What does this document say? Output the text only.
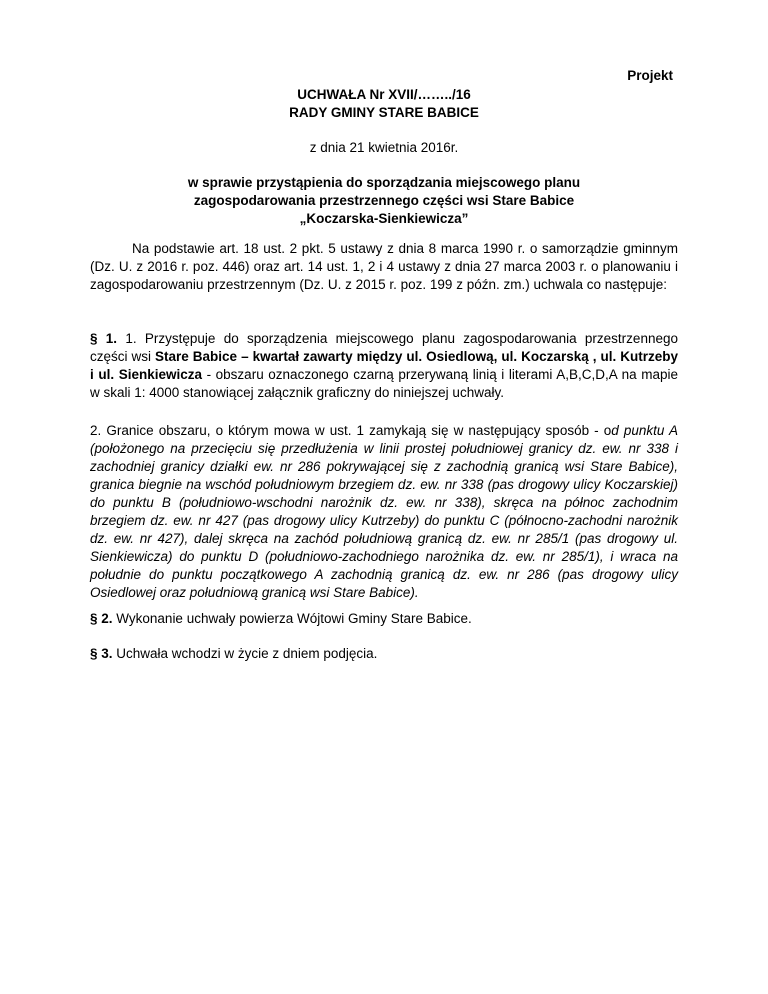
Projekt
UCHWAŁA Nr XVII/……../16
RADY GMINY STARE BABICE
z dnia 21 kwietnia 2016r.
w sprawie przystąpienia do sporządzania miejscowego planu
zagospodarowania przestrzennego części wsi Stare Babice
„Koczarska-Sienkiewicza”
Na podstawie art. 18 ust. 2 pkt. 5 ustawy z dnia 8 marca 1990 r. o samorządzie gminnym (Dz. U. z 2016 r. poz. 446) oraz art. 14 ust. 1, 2 i 4 ustawy z dnia 27 marca 2003 r. o planowaniu i zagospodarowaniu przestrzennym (Dz. U. z 2015 r. poz. 199 z późn. zm.) uchwala co następuje:
§ 1. 1. Przystępuje do sporządzenia miejscowego planu zagospodarowania przestrzennego części wsi Stare Babice – kwartał zawarty między ul. Osiedlową, ul. Koczarską , ul. Kutrzeby i ul. Sienkiewicza - obszaru oznaczonego czarną przerywaną linią i literami A,B,C,D,A na mapie w skali 1: 4000 stanowiącej załącznik graficzny do niniejszej uchwały.
2. Granice obszaru, o którym mowa w ust. 1 zamykają się w następujący sposób - od punktu A (położonego na przecięciu się przedłużenia w linii prostej południowej granicy dz. ew. nr 338 i zachodniej granicy działki ew. nr 286 pokrywającej się z zachodnią granicą wsi Stare Babice), granica biegnie na wschód południowym brzegiem dz. ew. nr 338 (pas drogowy ulicy Koczarskiej) do punktu B (południowo-wschodni narożnik dz. ew. nr 338), skręca na północ zachodnim brzegiem dz. ew. nr 427 (pas drogowy ulicy Kutrzeby) do punktu C (północno-zachodni narożnik dz. ew. nr 427), dalej skręca na zachód południową granicą dz. ew. nr 285/1 (pas drogowy ul. Sienkiewicza) do punktu D (południowo-zachodniego narożnika dz. ew. nr 285/1), i wraca na południe do punktu początkowego A zachodnią granicą dz. ew. nr 286 (pas drogowy ulicy Osiedlowej oraz południową granicą wsi Stare Babice).
§ 2. Wykonanie uchwały powierza Wójtowi Gminy Stare Babice.
§ 3. Uchwała wchodzi w życie z dniem podjęcia.
